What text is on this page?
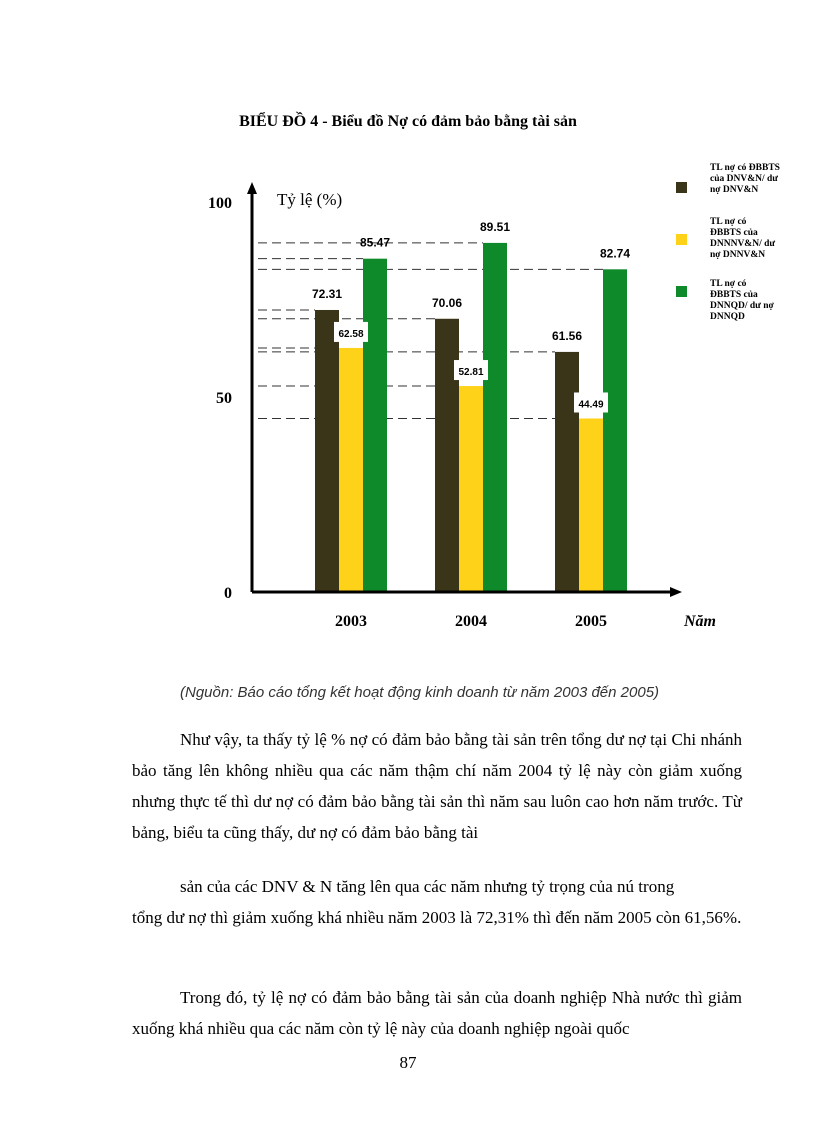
BIỂU ĐỒ 4 - Biểu đồ Nợ có đảm bảo bằng tài sản
72.31
70.06
61.56
62.58
52.81
44.49
85.47
89.51
82.74
0
50
100	Tỷ lệ (%)
2003	2004	2005	Năm
TL nợ có ĐBBTS của DNV&N/ dư nợ DNV&N
TL nợ có ĐBBTS của DNNNV&N/ dư nợ DNNV&N
TL nợ có ĐBBTS của DNNQD/ dư nợ DNNQD
(Nguồn: Báo cáo tổng kết hoạt động kinh doanh từ năm 2003 đến 2005)
Như vậy, ta thấy tỷ lệ % nợ có đảm bảo bằng tài sản trên tổng dư nợ tại Chi nhánh bảo tăng lên không nhiều qua các năm thậm chí năm 2004 tỷ lệ này còn giảm xuống nhưng thực tế thì dư nợ có đảm bảo bằng tài sản thì năm sau luôn cao hơn năm trước. Từ bảng, biểu ta cũng thấy, dư nợ có đảm bảo bằng tài
sản của các DNV & N tăng lên qua các năm nhưng tỷ trọng của nú trong
tổng dư nợ thì giảm xuống khá nhiều năm 2003 là 72,31% thì đến năm 2005 còn 61,56%.
Trong đó, tỷ lệ nợ có đảm bảo bằng tài sản của doanh nghiệp Nhà nước thì giảm xuống khá nhiều qua các năm còn tỷ lệ này của doanh nghiệp ngoài quốc
87
